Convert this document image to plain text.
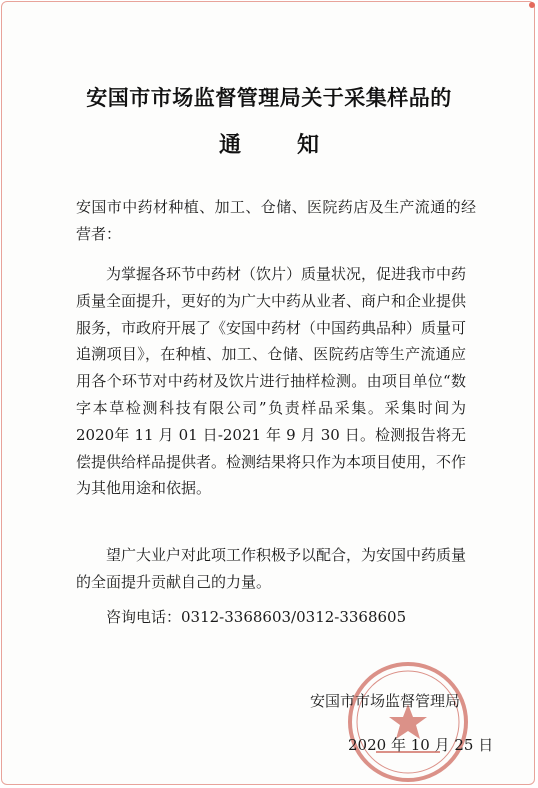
安国市市场监督管理局关于采集样品的
通	知
安国市中药材种植、加工、仓储、医院药店及生产流通的经营者：
为掌握各环节中药材（饮片）质量状况，促进我市中药质量全面提升，更好的为广大中药从业者、商户和企业提供服务，市政府开展了《安国中药材（中国药典品种）质量可追溯项目》，在种植、加工、仓储、医院药店等生产流通应用各个环节对中药材及饮片进行抽样检测。由项目单位“数字本草检测科技有限公司”负责样品采集。采集时间为 2020年 11 月 01 日-2021 年 9 月 30 日。检测报告将无偿提供给样品提供者。检测结果将只作为本项目使用，不作为其他用途和依据。
望广大业户对此项工作积极予以配合，为安国中药质量的全面提升贡献自己的力量。
咨询电话：0312-3368603/0312-3368605
安国市市场监督管理局
2020 年 10 月 25 日
